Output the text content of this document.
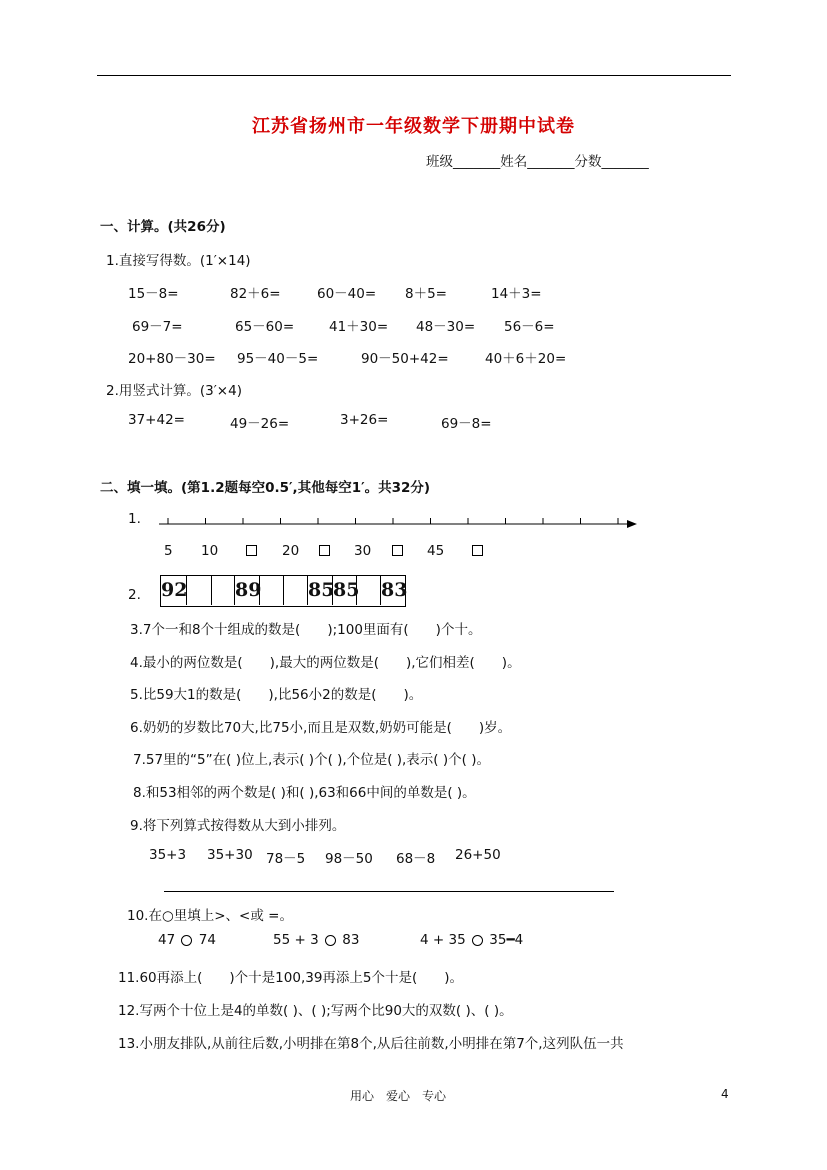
江苏省扬州市一年级数学下册期中试卷
班级_______姓名_______分数_______
一、计算。(共26分)
1.直接写得数。(1′×14)
15－8=	82＋6=	60－40= 8＋5=	14＋3=
69－7=	65－60=	41＋30= 48－30= 56－6=
20+80－30= 95－40－5=	90－50+42=	40＋6＋20=
2.用竖式计算。(3′×4)
37+42=	49－26=	3+26=	69－8=
二、填一填。(第1.2题每空0.5′,其他每空1′。共32分)
1.
5 10	20	30	45
2. 92	89 85
85 83
3.7个一和8个十组成的数是(　　);100里面有(　　)个十。
4.最小的两位数是(　　),最大的两位数是(　　),它们相差(　　)。
5.比59大1的数是(　　),比56小2的数是(　　)。
6.奶奶的岁数比70大,比75小,而且是双数,奶奶可能是(　　)岁。
7.57里的“5”在( )位上,表示( )个( ),个位是( ),表示( )个( )。
8.和53相邻的两个数是( )和( ),63和66中间的单数是( )。
9.将下列算式按得数从大到小排列。
35+3 35+30 78－5 98－50 68－8 26+50
10.在○里填上>、<或 =。
47 74	55 + 3 83	4 + 35 35━4
11.60再添上(　　)个十是100,39再添上5个十是(　　)。
12.写两个十位上是4的单数( )、( );写两个比90大的双数( )、( )。
13.小朋友排队,从前往后数,小明排在第8个,从后往前数,小明排在第7个,这列队伍一共
用心　爱心　专心	4
